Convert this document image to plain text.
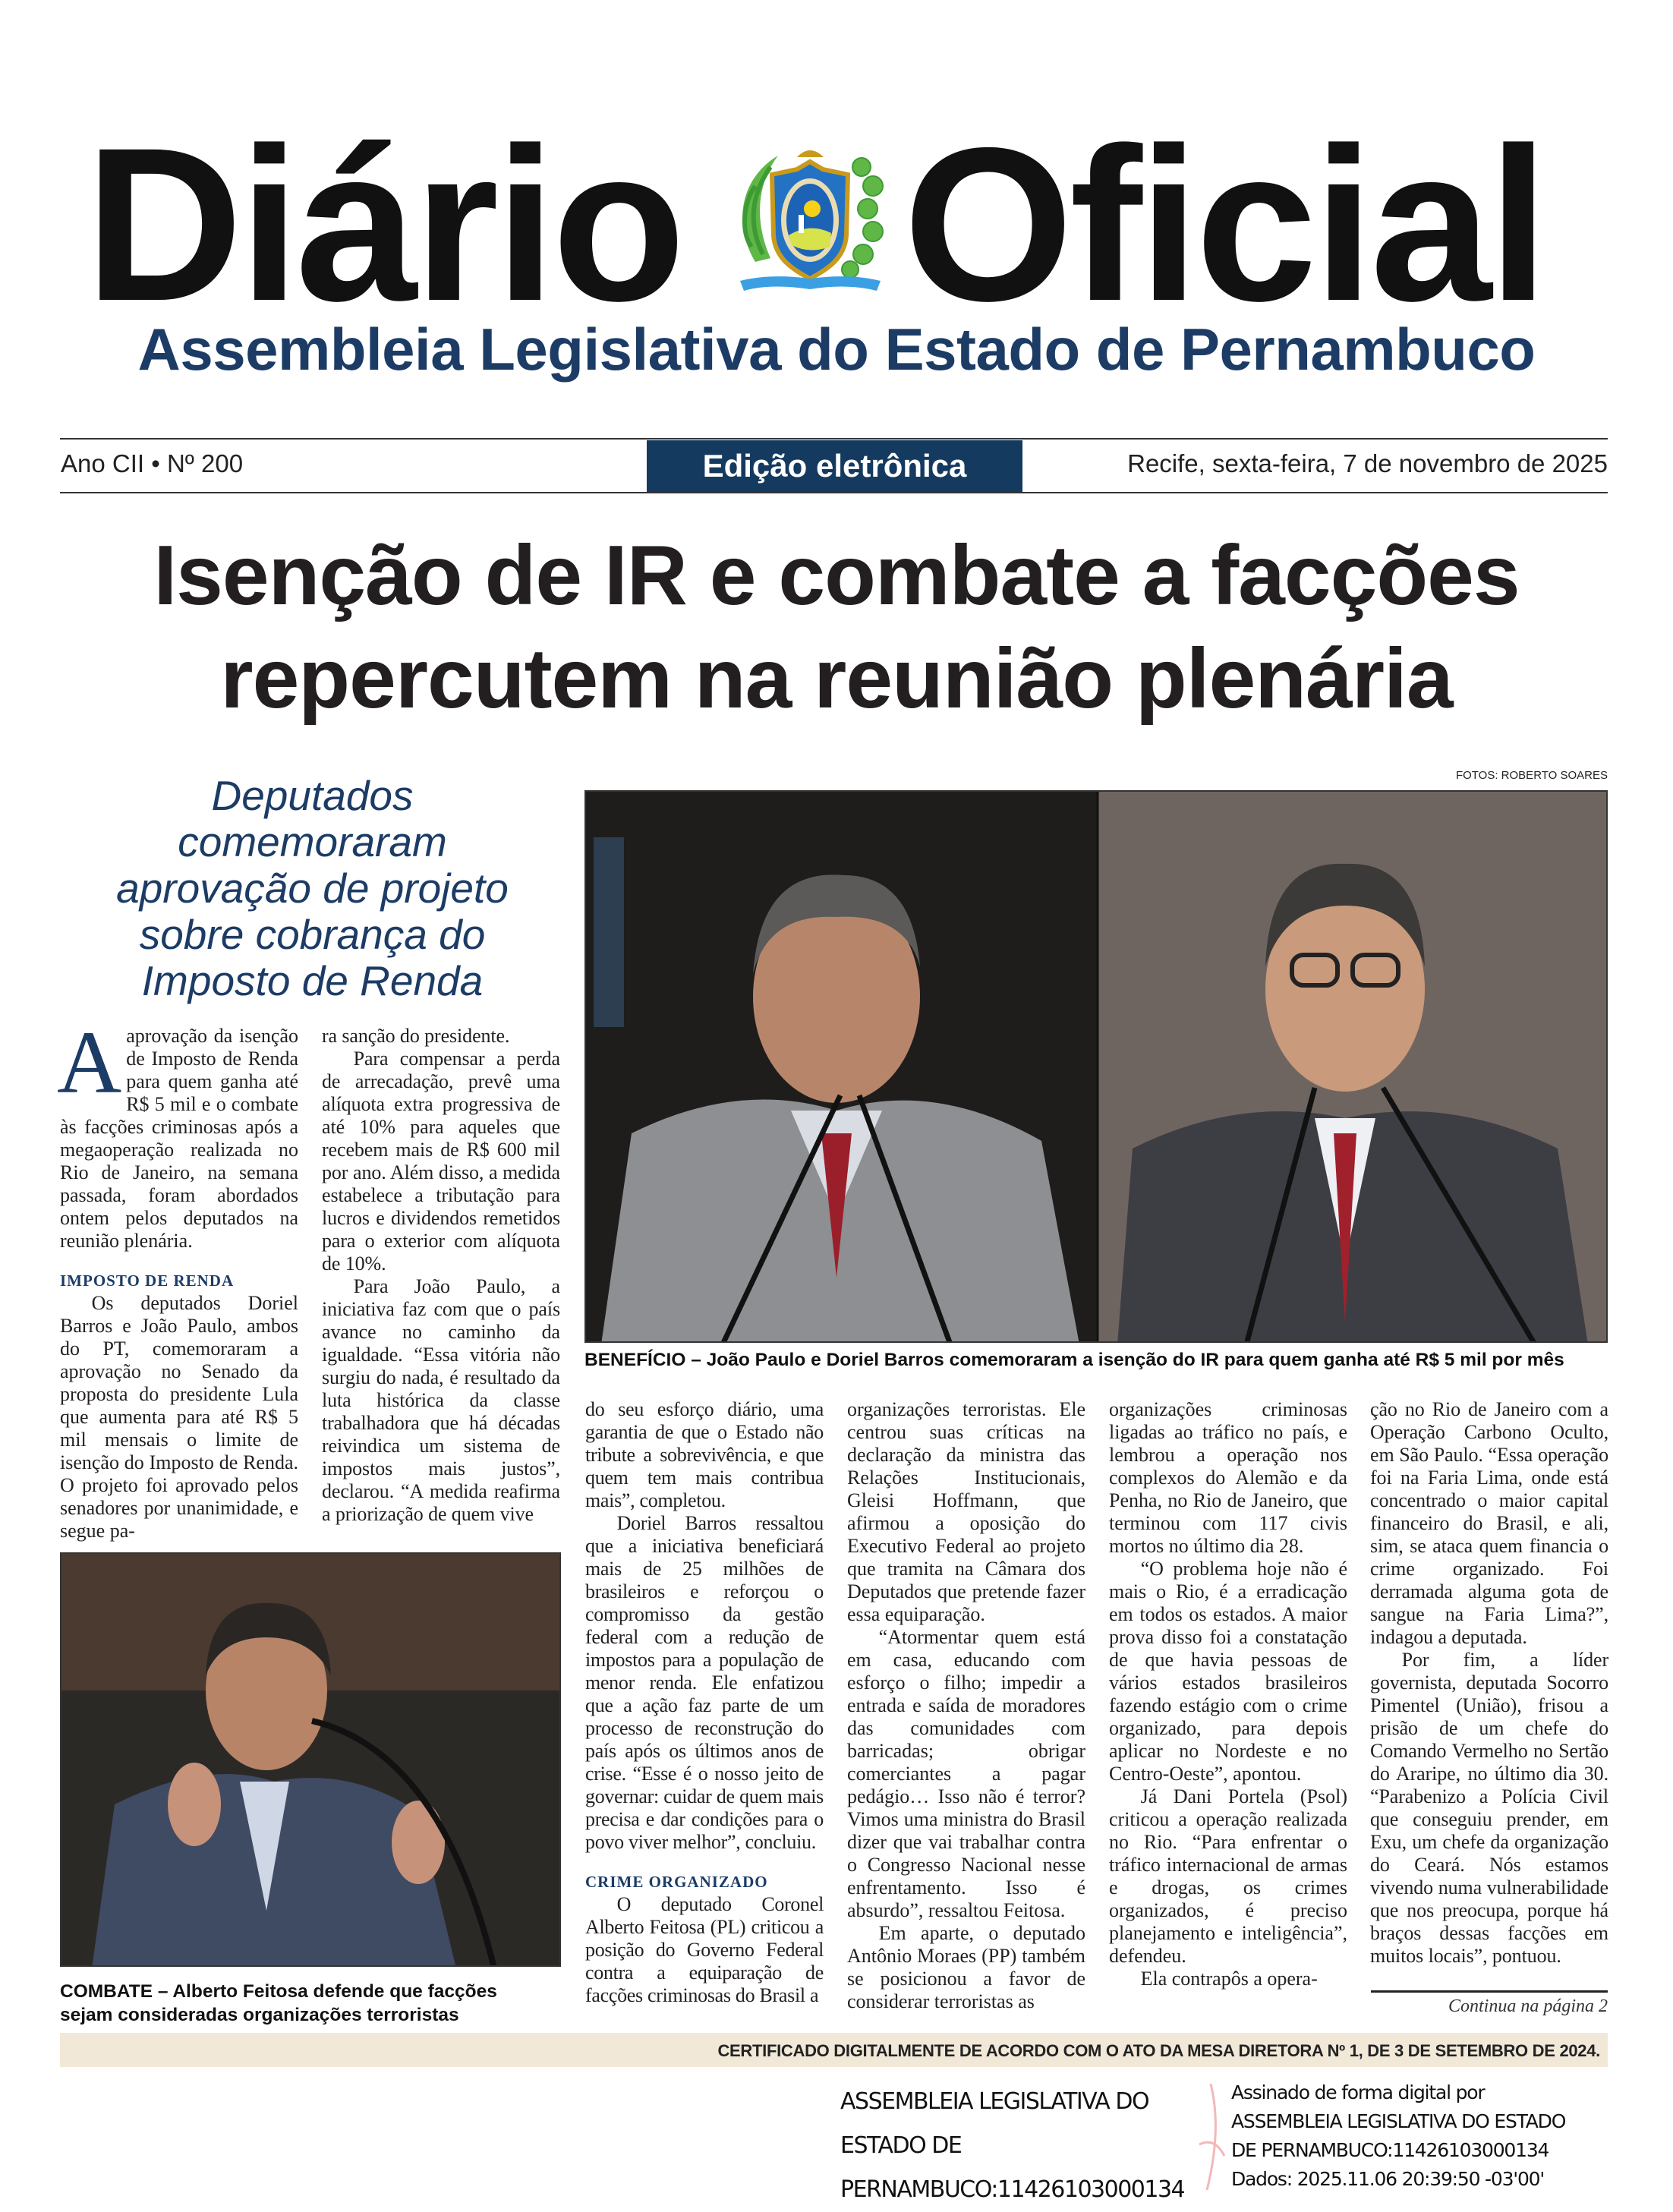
Diário Oficial
Assembleia Legislativa do Estado de Pernambuco
Ano CII • Nº 200	Edição eletrônica	Recife, sexta-feira, 7 de novembro de 2025
Isenção de IR e combate a facções
repercutem na reunião plenária
Deputados
comemoraram
aprovação de projeto
sobre cobrança do
Imposto de Renda
FOTOS: ROBERTO SOARES
BENEFÍCIO – João Paulo e Doriel Barros comemoraram a isenção do IR para quem ganha até R$ 5 mil por mês

Aaprovação da isenção de Imposto de Renda para quem ganha até R$ 5 mil e o combate às facções criminosas após a megaoperação realizada no Rio de Janeiro, na semana passada, foram abordados ontem pelos deputados na reunião plenária.

IMPOSTO DE RENDA

Os deputados Doriel Barros e João Paulo, ambos do PT, comemoraram a aprovação no Senado da proposta do presidente Lula que aumenta para até R$ 5 mil mensais o limite de isenção do Imposto de Renda. O projeto foi aprovado pelos senadores por unanimidade, e segue pa-

ra sanção do presidente.

Para compensar a perda de arrecadação, prevê uma alíquota extra progressiva de até 10% para aqueles que recebem mais de R$ 600 mil por ano. Além disso, a medida estabelece a tributação para lucros e dividendos remetidos para o exterior com alíquota de 10%.

Para João Paulo, a iniciativa faz com que o país avance no caminho da igualdade. “Essa vitória não surgiu do nada, é resultado da luta histórica da classe trabalhadora que há décadas reivindica um sistema de impostos mais justos”, declarou. “A medida reafirma a priorização de quem vive

COMBATE – Alberto Feitosa defende que facções
sejam consideradas organizações terroristas

do seu esforço diário, uma garantia de que o Estado não tribute a sobrevivência, e que quem tem mais contribua mais”, completou.

Doriel Barros ressaltou que a iniciativa beneficiará mais de 25 milhões de brasileiros e reforçou o compromisso da gestão federal com a redução de impostos para a população de menor renda. Ele enfatizou que a ação faz parte de um processo de reconstrução do país após os últimos anos de crise. “Esse é o nosso jeito de governar: cuidar de quem mais precisa e dar condições para o povo viver melhor”, concluiu.

CRIME ORGANIZADO

O deputado Coronel Alberto Feitosa (PL) criticou a posição do Governo Federal contra a equiparação de facções criminosas do Brasil a

organizações terroristas. Ele centrou suas críticas na declaração da ministra das Relações Institucionais, Gleisi Hoffmann, que afirmou a oposição do Executivo Federal ao projeto que tramita na Câmara dos Deputados que pretende fazer essa equiparação.

“Atormentar quem está em casa, educando com esforço o filho; impedir a entrada e saída de moradores das comunidades com barricadas; obrigar comerciantes a pagar pedágio… Isso não é terror? Vimos uma ministra do Brasil dizer que vai trabalhar contra o Congresso Nacional nesse enfrentamento. Isso é absurdo”, ressaltou Feitosa.

Em aparte, o deputado Antônio Moraes (PP) também se posicionou a favor de considerar terroristas as

organizações criminosas ligadas ao tráfico no país, e lembrou a operação nos complexos do Alemão e da Penha, no Rio de Janeiro, que terminou com 117 civis mortos no último dia 28.

“O problema hoje não é mais o Rio, é a erradicação em todos os estados. A maior prova disso foi a constatação de que havia pessoas de vários estados brasileiros fazendo estágio com o crime organizado, para depois aplicar no Nordeste e no Centro-Oeste”, apontou.

Já Dani Portela (Psol) criticou a operação realizada no Rio. “Para enfrentar o tráfico internacional de armas e drogas, os crimes organizados, é preciso planejamento e inteligência”, defendeu.

Ela contrapôs a opera-

ção no Rio de Janeiro com a Operação Carbono Oculto, em São Paulo. “Essa operação foi na Faria Lima, onde está concentrado o maior capital financeiro do Brasil, e ali, sim, se ataca quem financia o crime organizado. Foi derramada alguma gota de sangue na Faria Lima?”, indagou a deputada.

Por fim, a líder governista, deputada Socorro Pimentel (União), frisou a prisão de um chefe do Comando Vermelho no Sertão do Araripe, no último dia 30. “Parabenizo a Polícia Civil que conseguiu prender, em Exu, um chefe da organização do Ceará. Nós estamos vivendo numa vulnerabilidade que nos preocupa, porque há braços dessas facções em muitos locais”, pontuou.

Continua na página 2
CERTIFICADO DIGITALMENTE DE ACORDO COM O ATO DA MESA DIRETORA Nº 1, DE 3 DE SETEMBRO DE 2024.
ASSEMBLEIA LEGISLATIVA DO
ESTADO DE
PERNAMBUCO:11426103000134
Assinado de forma digital por
ASSEMBLEIA LEGISLATIVA DO ESTADO
DE PERNAMBUCO:11426103000134
Dados: 2025.11.06 20:39:50 -03'00'
